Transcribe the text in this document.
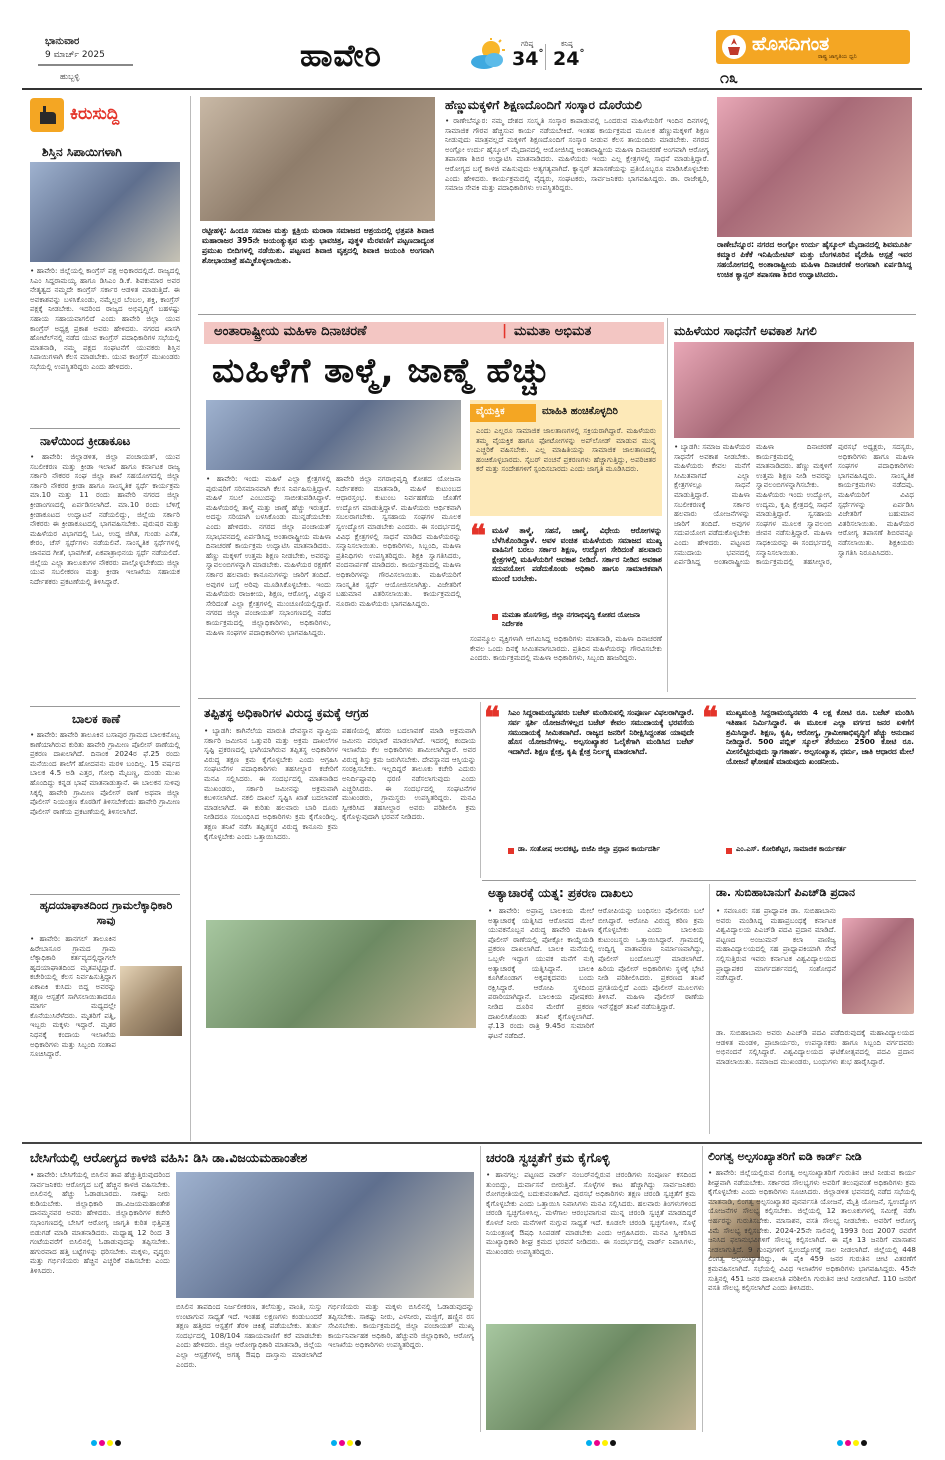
ಭಾನುವಾರ
9 ಮಾರ್ಚ್ 2025
ಹುಬ್ಬಳ್ಳಿ
ಹಾವೇರಿ	ಗರಿಷ್ಠ
34°
ಕನಿಷ್ಠ
24°	ಹೊಸದಿಗಂತ
ರಾಷ್ಟ್ರ ಜಾಗೃತಿಯ ಧ್ವನಿ
೧೩
ಕಿರುಸುದ್ದಿ
ಶಿಸ್ತಿನ ಸಿಪಾಯಿಗಳಾಗಿ
• ಹಾವೇರಿ: ಜಿಲ್ಲೆಯಲ್ಲಿ ಕಾಂಗ್ರೆಸ್ ಪಕ್ಷ ಅಧಿಕಾರದಲ್ಲಿದೆ. ರಾಜ್ಯದಲ್ಲಿ ಸಿಎಂ ಸಿದ್ದರಾಮಯ್ಯ ಹಾಗೂ ಡಿಸಿಎಂ ಡಿ.ಕೆ. ಶಿವಕುಮಾರ ಅವರ ನೇತೃತ್ವದ ನಮ್ಮದೇ ಕಾಂಗ್ರೆಸ್ ಸರ್ಕಾರ ಆಡಳಿತ ಮಾಡುತ್ತಿದೆ. ಈ ಅವಕಾಶವನ್ನು ಬಳಸಿಕೊಂಡು, ನಮ್ಮೆಲ್ಲರ ಬೆಂಬಲ, ಶಕ್ತಿ, ಕಾಂಗ್ರೆಸ್ ಪಕ್ಷಕ್ಕೆ ನೀಡಬೇಕು. ಇದರಿಂದ ರಾಜ್ಯದ ಅಭಿವೃದ್ಧಿಗೆ ಬಹಳಷ್ಟು ಸಹಾಯ ಸಹಾಯವಾಗಲಿದೆ ಎಂದು ಹಾವೇರಿ ಜಿಲ್ಲಾ ಯುವ ಕಾಂಗ್ರೆಸ್ ಅಧ್ಯಕ್ಷ ಪ್ರಕಾಶ ಅವರು ಹೇಳಿದರು. ನಗರದ ಖಾಸಗಿ ಹೋಟೆಲ್‌ನಲ್ಲಿ ನಡೆದ ಯುವ ಕಾಂಗ್ರೆಸ್ ಪದಾಧಿಕಾರಿಗಳ ಸಭೆಯಲ್ಲಿ ಮಾತನಾಡಿ, ನಮ್ಮ ಪಕ್ಷದ ಸಂಘಟನೆಗೆ ಯುವಕರು ಶಿಸ್ತಿನ ಸಿಪಾಯಿಗಳಾಗಿ ಕೆಲಸ ಮಾಡಬೇಕು. ಯುವ ಕಾಂಗ್ರೆಸ್ ಮುಖಂಡರು ಸಭೆಯಲ್ಲಿ ಉಪಸ್ಥಿತರಿದ್ದರು ಎಂದು ಹೇಳಿದರು.
ನಾಳೆಯಿಂದ ಕ್ರೀಡಾಕೂಟ
• ಹಾವೇರಿ: ಜಿಲ್ಲಾಡಳಿತ, ಜಿಲ್ಲಾ ಪಂಚಾಯತ್, ಯುವ ಸಬಲೀಕರಣ ಮತ್ತು ಕ್ರೀಡಾ ಇಲಾಖೆ ಹಾಗೂ ಕರ್ನಾಟಕ ರಾಜ್ಯ ಸರ್ಕಾರಿ ನೌಕರರ ಸಂಘ ಜಿಲ್ಲಾ ಶಾಖೆ ಸಹಯೋಗದಲ್ಲಿ ಜಿಲ್ಲಾ ಸರ್ಕಾರಿ ನೌಕರರ ಕ್ರೀಡಾ ಹಾಗೂ ಸಾಂಸ್ಕೃತಿಕ ಸ್ಪರ್ಧೆ ಕಾರ್ಯಕ್ರಮ ಮಾ.10 ಮತ್ತು 11 ರಂದು ಹಾವೇರಿ ನಗರದ ಜಿಲ್ಲಾ ಕ್ರೀಡಾಂಗಣದಲ್ಲಿ ಏರ್ಪಡಿಸಲಾಗಿದೆ. ಮಾ.10 ರಂದು ಬೆಳಿಗ್ಗೆ ಕ್ರೀಡಾಕೂಟದ ಉದ್ಘಾಟನೆ ನಡೆಯಲಿದ್ದು, ಜಿಲ್ಲೆಯ ಸರ್ಕಾರಿ ನೌಕರರು ಈ ಕ್ರೀಡಾಕೂಟದಲ್ಲಿ ಭಾಗವಹಿಸಬೇಕು. ಪುರುಷರ ಮತ್ತು ಮಹಿಳೆಯರ ವಿಭಾಗದಲ್ಲಿ ಓಟ, ಉದ್ದ ಜಿಗಿತ, ಗುಂಡು ಎಸೆತ, ಕೇರಂ, ಚೆಸ್ ಸ್ಪರ್ಧೆಗಳು ನಡೆಯಲಿವೆ. ಸಾಂಸ್ಕೃತಿಕ ಸ್ಪರ್ಧೆಗಳಲ್ಲಿ ಜಾನಪದ ಗೀತೆ, ಭಾವಗೀತೆ, ಏಕಪಾತ್ರಾಭಿನಯ ಸ್ಪರ್ಧೆ ನಡೆಯಲಿದೆ. ಜಿಲ್ಲೆಯ ಎಲ್ಲಾ ತಾಲೂಕುಗಳ ನೌಕರರು ಪಾಲ್ಗೊಳ್ಳಬೇಕೆಂದು ಜಿಲ್ಲಾ ಯುವ ಸಬಲೀಕರಣ ಮತ್ತು ಕ್ರೀಡಾ ಇಲಾಖೆಯ ಸಹಾಯಕ ನಿರ್ದೇಶಕರು ಪ್ರಕಟಣೆಯಲ್ಲಿ ತಿಳಿಸಿದ್ದಾರೆ.
ಬಾಲಕ ಕಾಣೆ
• ಹಾವೇರಿ: ಹಾವೇರಿ ತಾಲೂಕಿನ ಬಸಾಪುರ ಗ್ರಾಮದ ಬಾಲಕನೊಬ್ಬ ಕಾಣೆಯಾಗಿರುವ ಕುರಿತು ಹಾವೇರಿ ಗ್ರಾಮೀಣ ಪೊಲೀಸ್ ಠಾಣೆಯಲ್ಲಿ ಪ್ರಕರಣ ದಾಖಲಾಗಿದೆ. ದಿನಾಂಕ 2024ರ ಫೆ.25 ರಂದು ಮನೆಯಿಂದ ಶಾಲೆಗೆ ಹೋದವನು ಮರಳಿ ಬಂದಿಲ್ಲ. 15 ವರ್ಷದ ಬಾಲಕ 4.5 ಅಡಿ ಎತ್ತರ, ಗೋಧಿ ಮೈಬಣ್ಣ, ದುಂಡು ಮುಖ ಹೊಂದಿದ್ದು ಕನ್ನಡ ಭಾಷೆ ಮಾತನಾಡುತ್ತಾನೆ. ಈ ಬಾಲಕನ ಸುಳಿವು ಸಿಕ್ಕಲ್ಲಿ ಹಾವೇರಿ ಗ್ರಾಮೀಣ ಪೊಲೀಸ್ ಠಾಣೆ ಅಥವಾ ಜಿಲ್ಲಾ ಪೊಲೀಸ್ ನಿಯಂತ್ರಣ ಕೊಠಡಿಗೆ ತಿಳಿಸಬೇಕೆಂದು ಹಾವೇರಿ ಗ್ರಾಮೀಣ ಪೊಲೀಸ್ ಠಾಣೆಯ ಪ್ರಕಟಣೆಯಲ್ಲಿ ತಿಳಿಸಲಾಗಿದೆ.
ಹೃದಯಾಘಾತದಿಂದ ಗ್ರಾಮಲೆಕ್ಕಾಧಿಕಾರಿ ಸಾವು
• ಹಾವೇರಿ: ಹಾನಗಲ್ ತಾಲೂಕಿನ ಹಿರೇಬಾಸೂರ ಗ್ರಾಮದ ಗ್ರಾಮ ಲೆಕ್ಕಾಧಿಕಾರಿ ಕರ್ತವ್ಯದಲ್ಲಿದ್ದಾಗಲೇ ಹೃದಯಾಘಾತದಿಂದ ಮೃತಪಟ್ಟಿದ್ದಾರೆ. ಕಚೇರಿಯಲ್ಲಿ ಕೆಲಸ ನಿರ್ವಹಿಸುತ್ತಿದ್ದಾಗ ಏಕಾಏಕಿ ಕುಸಿದು ಬಿದ್ದ ಅವರನ್ನು ತಕ್ಷಣ ಆಸ್ಪತ್ರೆಗೆ ಸಾಗಿಸಲಾಯಿತಾದರೂ ಮಾರ್ಗ ಮಧ್ಯದಲ್ಲೇ ಕೊನೆಯುಸಿರೆಳೆದರು. ಮೃತರಿಗೆ ಪತ್ನಿ, ಇಬ್ಬರು ಮಕ್ಕಳು ಇದ್ದಾರೆ. ಮೃತರ ನಿಧನಕ್ಕೆ ಕಂದಾಯ ಇಲಾಖೆಯ ಅಧಿಕಾರಿಗಳು ಮತ್ತು ಸಿಬ್ಬಂದಿ ಸಂತಾಪ ಸೂಚಿಸಿದ್ದಾರೆ.
ರಟ್ಟೀಹಳ್ಳಿ: ಹಿಂದೂ ಸಮಾಜ ಮತ್ತು ಕ್ಷತ್ರಿಯ ಮರಾಠಾ ಸಮಾಜದ ಆಶ್ರಯದಲ್ಲಿ ಛತ್ರಪತಿ ಶಿವಾಜಿ ಮಹಾರಾಜರ 395ನೇ ಜಯಂತ್ಯುತ್ಸವ ಮತ್ತು ಭಾವಚಿತ್ರ, ಪುತ್ಥಳಿ ಮೆರವಣಿಗೆ ಪಟ್ಟಣದಾದ್ಯಂತ ಪ್ರಮುಖ ಬೀದಿಗಳಲ್ಲಿ ನಡೆಯಿತು. ಪಟ್ಟಣದ ಶಿವಾಜಿ ವೃತ್ತದಲ್ಲಿ ಶಿವಾಜಿ ಜಯಂತಿ ಅಂಗವಾಗಿ ಶೋಭಾಯಾತ್ರೆ ಹಮ್ಮಿಕೊಳ್ಳಲಾಯಿತು.
ಹೆಣ್ಣುಮಕ್ಕಳಿಗೆ ಶಿಕ್ಷಣದೊಂದಿಗೆ ಸಂಸ್ಕಾರ ದೊರೆಯಲಿ
• ರಾಣೇಬೆನ್ನೂರ: ನಮ್ಮ ದೇಶದ ಸಂಸ್ಕೃತಿ ಸಂಸ್ಕಾರ ಕಾಪಾಡುವಲ್ಲಿ ಒಂದರುವ ಮಹಿಳೆಯರಿಗೆ ಇಂದಿನ ದಿನಗಳಲ್ಲಿ ಸಾಮಾಜಿಕ ಗೌರವ ಹೆಚ್ಚಿಸುವ ಕಾರ್ಯ ನಡೆಯಬೇಕಿದೆ. ಇಂತಹ ಕಾರ್ಯಕ್ರಮದ ಮೂಲಕ ಹೆಣ್ಣುಮಕ್ಕಳಿಗೆ ಶಿಕ್ಷಣ ನೀಡುವುದು ಮಾತ್ರವಲ್ಲದೆ ಮಕ್ಕಳಿಗೆ ಶಿಕ್ಷಣದೊಂದಿಗೆ ಸಂಸ್ಕಾರ ನೀಡುವ ಕೆಲಸ ತಾಯಂದಿರು ಮಾಡಬೇಕು. ನಗರದ ಅಂಗ್ಲೋ ಉರ್ದು ಹೈಸ್ಕೂಲ್ ಮೈದಾನದಲ್ಲಿ ಆಯೋಜಿಸಿದ್ದ ಅಂತಾರಾಷ್ಟ್ರೀಯ ಮಹಿಳಾ ದಿನಾಚರಣೆ ಅಂಗವಾಗಿ ಆರೋಗ್ಯ ತಪಾಸಣಾ ಶಿಬಿರ ಉದ್ಘಾಟಿಸಿ ಮಾತನಾಡಿದರು. ಮಹಿಳೆಯರು ಇಂದು ಎಲ್ಲ ಕ್ಷೇತ್ರಗಳಲ್ಲಿ ಸಾಧನೆ ಮಾಡುತ್ತಿದ್ದಾರೆ. ಆರೋಗ್ಯದ ಬಗ್ಗೆ ಕಾಳಜಿ ವಹಿಸುವುದು ಅತ್ಯಗತ್ಯವಾಗಿದೆ. ಕ್ಯಾನ್ಸರ್ ತಪಾಸಣೆಯನ್ನು ಪ್ರತಿಯೊಬ್ಬರೂ ಮಾಡಿಸಿಕೊಳ್ಳಬೇಕು ಎಂದು ಹೇಳಿದರು. ಕಾರ್ಯಕ್ರಮದಲ್ಲಿ ವೈದ್ಯರು, ಸಂಘಟಕರು, ಸಾರ್ವಜನಿಕರು ಭಾಗವಹಿಸಿದ್ದರು. ಡಾ. ರಾಜೇಶ್ವರಿ, ಸಮಾಜ ಸೇವಕಿ ಮತ್ತು ಪದಾಧಿಕಾರಿಗಳು ಉಪಸ್ಥಿತರಿದ್ದರು.
ರಾಣೇಬೆನ್ನೂರ: ನಗರದ ಅಂಗ್ಲೋ ಉರ್ದು ಹೈಸ್ಕೂಲ್ ಮೈದಾನದಲ್ಲಿ ಶಿವಮೂರ್ತಿ ಕಮ್ಮಾರ ಪಿಕೆಕೆ ಇನಿಷಿಯೇಟಿವ್ ಮತ್ತು ಬೆಂಗಳೂರಿನ ವೈದೇಹಿ ಆಸ್ಪತ್ರೆ ಇವರ ಸಹಯೋಗದಲ್ಲಿ ಅಂತಾರಾಷ್ಟ್ರೀಯ ಮಹಿಳಾ ದಿನಾಚರಣೆ ಅಂಗವಾಗಿ ಏರ್ಪಡಿಸಿದ್ದ ಉಚಿತ ಕ್ಯಾನ್ಸರ್ ತಪಾಸಣಾ ಶಿಬಿರ ಉದ್ಘಾಟಿಸಿದರು.
ಅಂತಾರಾಷ್ಟ್ರೀಯ ಮಹಿಳಾ ದಿನಾಚರಣೆ	| ಮಮತಾ ಅಭಿಮತ
ಮಹಿಳೆಗೆ ತಾಳ್ಮೆ, ಜಾಣ್ಮೆ ಹೆಚ್ಚು
ವೈಯಕ್ತಿಕ	ಮಾಹಿತಿ ಹಂಚಿಕೊಳ್ಳದಿರಿ
ಎಂದು ಎಲ್ಲರೂ ಸಾಮಾಜಿಕ ಜಾಲತಾಣಗಳಲ್ಲಿ ಸಕ್ರಿಯರಾಗಿದ್ದಾರೆ. ಮಹಿಳೆಯರು ತಮ್ಮ ವೈಯಕ್ತಿಕ ಹಾಗೂ ಫೋಟೋಗಳನ್ನು ಅಪ್‌ಲೋಡ್ ಮಾಡುವ ಮುನ್ನ ಎಚ್ಚರಿಕೆ ವಹಿಸಬೇಕು. ಎಲ್ಲ ಮಾಹಿತಿಯನ್ನು ಸಾಮಾಜಿಕ ಜಾಲತಾಣದಲ್ಲಿ ಹಂಚಿಕೊಳ್ಳಬಾರದು. ಸೈಬರ್ ವಂಚನೆ ಪ್ರಕರಣಗಳು ಹೆಚ್ಚಾಗುತ್ತಿದ್ದು, ಅಪರಿಚಿತರ ಕರೆ ಮತ್ತು ಸಂದೇಶಗಳಿಗೆ ಸ್ಪಂದಿಸಬಾರದು ಎಂದು ಜಾಗೃತಿ ಮೂಡಿಸಿದರು.
• ಹಾವೇರಿ: ಇಂದು ಮಹಿಳೆ ಎಲ್ಲಾ ಕ್ಷೇತ್ರಗಳಲ್ಲಿ ಪುರುಷರಿಗೆ ಸರಿಸಮಾನವಾಗಿ ಕೆಲಸ ನಿರ್ವಹಿಸುತ್ತಿದ್ದಾಳೆ. ಮಹಿಳೆ ಸಬಲೆ ಎಂಬುದನ್ನು ಸಾಬೀತುಪಡಿಸಿದ್ದಾಳೆ. ಮಹಿಳೆಯರಲ್ಲಿ ತಾಳ್ಮೆ ಮತ್ತು ಜಾಣ್ಮೆ ಹೆಚ್ಚು ಇರುತ್ತದೆ. ಅದನ್ನು ಸರಿಯಾಗಿ ಬಳಸಿಕೊಂಡು ಮುನ್ನಡೆಯಬೇಕು ಎಂದು ಹೇಳಿದರು. ನಗರದ ಜಿಲ್ಲಾ ಪಂಚಾಯತ್ ಸಭಾಭವನದಲ್ಲಿ ಏರ್ಪಡಿಸಿದ್ದ ಅಂತಾರಾಷ್ಟ್ರೀಯ ಮಹಿಳಾ ದಿನಾಚರಣೆ ಕಾರ್ಯಕ್ರಮ ಉದ್ಘಾಟಿಸಿ ಮಾತನಾಡಿದರು. ಹೆಣ್ಣು ಮಕ್ಕಳಿಗೆ ಉತ್ತಮ ಶಿಕ್ಷಣ ನೀಡಬೇಕು, ಅವರನ್ನು ಸ್ವಾವಲಂಬಿಗಳನ್ನಾಗಿ ಮಾಡಬೇಕು. ಮಹಿಳೆಯರ ರಕ್ಷಣೆಗೆ ಸರ್ಕಾರ ಹಲವಾರು ಕಾನೂನುಗಳನ್ನು ಜಾರಿಗೆ ತಂದಿದೆ. ಅವುಗಳ ಬಗ್ಗೆ ಅರಿವು ಮೂಡಿಸಿಕೊಳ್ಳಬೇಕು. ಇಂದು ಮಹಿಳೆಯರು ರಾಜಕೀಯ, ಶಿಕ್ಷಣ, ಆರೋಗ್ಯ, ವಿಜ್ಞಾನ ಸೇರಿದಂತೆ ಎಲ್ಲಾ ಕ್ಷೇತ್ರಗಳಲ್ಲಿ ಮುಂಚೂಣಿಯಲ್ಲಿದ್ದಾರೆ. ನಗರದ ಜಿಲ್ಲಾ ಪಂಚಾಯತ್ ಸಭಾಂಗಣದಲ್ಲಿ ನಡೆದ ಕಾರ್ಯಕ್ರಮದಲ್ಲಿ ಜಿಲ್ಲಾಧಿಕಾರಿಗಳು, ಅಧಿಕಾರಿಗಳು, ಮಹಿಳಾ ಸಂಘಗಳ ಪದಾಧಿಕಾರಿಗಳು ಭಾಗವಹಿಸಿದ್ದರು.
ಹಾವೇರಿ ಜಿಲ್ಲಾ ನಗರಾಭಿವೃದ್ಧಿ ಕೋಶದ ಯೋಜನಾ ನಿರ್ದೇಶಕರು ಮಾತನಾಡಿ, ಮಹಿಳೆ ಕುಟುಂಬದ ಆಧಾರಸ್ತಂಭ. ಕುಟುಂಬ ನಿರ್ವಹಣೆಯ ಜೊತೆಗೆ ಉದ್ಯೋಗ ಮಾಡುತ್ತಿದ್ದಾಳೆ. ಮಹಿಳೆಯರು ಆರ್ಥಿಕವಾಗಿ ಸಬಲರಾಗಬೇಕು. ಸ್ವಸಹಾಯ ಸಂಘಗಳ ಮೂಲಕ ಸ್ವಉದ್ಯೋಗ ಮಾಡಬೇಕು ಎಂದರು. ಈ ಸಂದರ್ಭದಲ್ಲಿ ವಿವಿಧ ಕ್ಷೇತ್ರಗಳಲ್ಲಿ ಸಾಧನೆ ಮಾಡಿದ ಮಹಿಳೆಯರನ್ನು ಸನ್ಮಾನಿಸಲಾಯಿತು. ಅಧಿಕಾರಿಗಳು, ಸಿಬ್ಬಂದಿ, ಮಹಿಳಾ ಪ್ರತಿನಿಧಿಗಳು ಉಪಸ್ಥಿತರಿದ್ದರು. ಶಿಕ್ಷಕಿ ಸ್ವಾಗತಿಸಿದರು, ವಂದನಾರ್ಪಣೆ ಮಾಡಿದರು. ಕಾರ್ಯಕ್ರಮದಲ್ಲಿ ಮಹಿಳಾ ಅಧಿಕಾರಿಗಳನ್ನು ಗೌರವಿಸಲಾಯಿತು. ಮಹಿಳೆಯರಿಗೆ ಸಾಂಸ್ಕೃತಿಕ ಸ್ಪರ್ಧೆ ಆಯೋಜಿಸಲಾಗಿತ್ತು. ವಿಜೇತರಿಗೆ ಬಹುಮಾನ ವಿತರಿಸಲಾಯಿತು. ಕಾರ್ಯಕ್ರಮದಲ್ಲಿ ನೂರಾರು ಮಹಿಳೆಯರು ಭಾಗವಹಿಸಿದ್ದರು.
❝ ಮಹಿಳೆ ತಾಳ್ಮೆ, ಸಹನೆ, ಜಾಣ್ಮೆ, ವಿಧೇಯ ಆರೋಗಳನ್ನು ಬೆಳೆಸಿಕೊಂಡಿದ್ದಾಳೆ. ಅವಳ ವಂಚಿತ ಮಹಿಳೆಯರು ಸಮಾಜದ ಮುಖ್ಯ ವಾಹಿನಿಗೆ ಬರಲು ಸರ್ಕಾರ ಶಿಕ್ಷಣ, ಉದ್ಯೋಗ ಸೇರಿದಂತೆ ಹಲವಾರು ಕ್ಷೇತ್ರಗಳಲ್ಲಿ ಮಹಿಳೆಯರಿಗೆ ಅವಕಾಶ ನೀಡಿದೆ. ಸರ್ಕಾರ ನೀಡಿದ ಅವಕಾಶ ಸದುಪಯೋಗ ಪಡೆದುಕೊಂಡು ಅಧಿಕಾರಿ ಹಾಗೂ ಸಾಮಾಜಿಕವಾಗಿ ಮುಂದೆ ಬರಬೇಕು.
ಮಮತಾ ಹೊಸಗೌಡ್ರ, ಜಿಲ್ಲಾ ನಗರಾಭಿವೃದ್ಧಿ ಕೋಶದ ಯೋಜನಾ ನಿರ್ದೇಶಕಿ
ಸಂಪನ್ಮೂಲ ವ್ಯಕ್ತಿಗಳಾಗಿ ಆಗಮಿಸಿದ್ದ ಅಧಿಕಾರಿಗಳು ಮಾತನಾಡಿ, ಮಹಿಳಾ ದಿನಾಚರಣೆ ಕೇವಲ ಒಂದು ದಿನಕ್ಕೆ ಸೀಮಿತವಾಗಬಾರದು. ಪ್ರತಿದಿನ ಮಹಿಳೆಯರನ್ನು ಗೌರವಿಸಬೇಕು ಎಂದರು. ಕಾರ್ಯಕ್ರಮದಲ್ಲಿ ಮಹಿಳಾ ಅಧಿಕಾರಿಗಳು, ಸಿಬ್ಬಂದಿ ಹಾಜರಿದ್ದರು.
ಮಹಿಳೆಯರ ಸಾಧನೆಗೆ ಅವಕಾಶ ಸಿಗಲಿ
• ಬ್ಯಾಡಗಿ: ಸಮಾಜ ಮಹಿಳೆಯರ ಸಾಧನೆಗೆ ಅವಕಾಶ ನೀಡಬೇಕು. ಮಹಿಳೆಯರು ಕೇವಲ ಮನೆಗೆ ಸೀಮಿತವಾಗದೆ ಎಲ್ಲಾ ಕ್ಷೇತ್ರಗಳಲ್ಲೂ ಸಾಧನೆ ಮಾಡುತ್ತಿದ್ದಾರೆ. ಮಹಿಳಾ ಸಬಲೀಕರಣಕ್ಕೆ ಸರ್ಕಾರ ಹಲವಾರು ಯೋಜನೆಗಳನ್ನು ಜಾರಿಗೆ ತಂದಿದೆ. ಅವುಗಳ ಸದುಪಯೋಗ ಪಡೆದುಕೊಳ್ಳಬೇಕು ಎಂದು ಹೇಳಿದರು. ಪಟ್ಟಣದ ಸಮುದಾಯ ಭವನದಲ್ಲಿ ಏರ್ಪಡಿಸಿದ್ದ ಅಂತಾರಾಷ್ಟ್ರೀಯ ಮಹಿಳಾ ದಿನಾಚರಣೆ ಕಾರ್ಯಕ್ರಮದಲ್ಲಿ ಮಾತನಾಡಿದರು. ಹೆಣ್ಣು ಮಕ್ಕಳಿಗೆ ಉತ್ತಮ ಶಿಕ್ಷಣ ನೀಡಿ ಅವರನ್ನು ಸ್ವಾವಲಂಬಿಗಳನ್ನಾಗಿಸಬೇಕು. ಮಹಿಳೆಯರು ಇಂದು ಉದ್ಯೋಗ, ಉದ್ಯಮ, ಕೃಷಿ ಕ್ಷೇತ್ರದಲ್ಲಿ ಸಾಧನೆ ಮಾಡುತ್ತಿದ್ದಾರೆ. ಸ್ವಸಹಾಯ ಸಂಘಗಳ ಮೂಲಕ ಸ್ವಾವಲಂಬಿ ಜೀವನ ನಡೆಸುತ್ತಿದ್ದಾರೆ. ಮಹಿಳಾ ಸಾಧಕಿಯರನ್ನು ಈ ಸಂದರ್ಭದಲ್ಲಿ ಸನ್ಮಾನಿಸಲಾಯಿತು. ಕಾರ್ಯಕ್ರಮದಲ್ಲಿ ತಹಸೀಲ್ದಾರ, ಪುರಸಭೆ ಅಧ್ಯಕ್ಷರು, ಸದಸ್ಯರು, ಅಧಿಕಾರಿಗಳು ಹಾಗೂ ಮಹಿಳಾ ಸಂಘಗಳ ಪದಾಧಿಕಾರಿಗಳು ಭಾಗವಹಿಸಿದ್ದರು. ಸಾಂಸ್ಕೃತಿಕ ಕಾರ್ಯಕ್ರಮಗಳು ನಡೆದವು. ಮಹಿಳೆಯರಿಗೆ ವಿವಿಧ ಸ್ಪರ್ಧೆಗಳನ್ನು ಏರ್ಪಡಿಸಿ ವಿಜೇತರಿಗೆ ಬಹುಮಾನ ವಿತರಿಸಲಾಯಿತು. ಮಹಿಳೆಯರ ಆರೋಗ್ಯ ತಪಾಸಣೆ ಶಿಬಿರವನ್ನೂ ನಡೆಸಲಾಯಿತು. ಶಿಕ್ಷಕಿಯರು ಸ್ವಾಗತಿಸಿ ನಿರೂಪಿಸಿದರು.
ತಪ್ಪಿತಸ್ಥ ಅಧಿಕಾರಿಗಳ ವಿರುದ್ಧ ಕ್ರಮಕ್ಕೆ ಆಗ್ರಹ
• ಬ್ಯಾಡಗಿ: ಕಾಗಿನೆಲೆಯ ಮಾರುತಿ ದೇವಸ್ಥಾನ ವ್ಯಾಪ್ತಿಯ ಸರ್ಕಾರಿ ಜಮೀನಿನ ಒತ್ತುವರಿ ಮತ್ತು ಅಕ್ರಮ ದಾಖಲೆಗಳ ಸೃಷ್ಟಿ ಪ್ರಕರಣದಲ್ಲಿ ಭಾಗಿಯಾಗಿರುವ ತಪ್ಪಿತಸ್ಥ ಅಧಿಕಾರಿಗಳ ವಿರುದ್ಧ ತಕ್ಷಣ ಕ್ರಮ ಕೈಗೊಳ್ಳಬೇಕು ಎಂದು ಆಗ್ರಹಿಸಿ ಸಂಘಟನೆಗಳ ಪದಾಧಿಕಾರಿಗಳು ತಹಸೀಲ್ದಾರ ಕಚೇರಿಗೆ ಮನವಿ ಸಲ್ಲಿಸಿದರು. ಈ ಸಂದರ್ಭದಲ್ಲಿ ಮಾತನಾಡಿದ ಮುಖಂಡರು, ಸರ್ಕಾರಿ ಜಮೀನನ್ನು ಅಕ್ರಮವಾಗಿ ಕಬಳಿಸಲಾಗಿದೆ. ನಕಲಿ ದಾಖಲೆ ಸೃಷ್ಟಿಸಿ ಖಾತೆ ಬದಲಾವಣೆ ಮಾಡಲಾಗಿದೆ. ಈ ಕುರಿತು ಹಲವಾರು ಬಾರಿ ದೂರು ನೀಡಿದರೂ ಸಂಬಂಧಿಸಿದ ಅಧಿಕಾರಿಗಳು ಕ್ರಮ ಕೈಗೊಂಡಿಲ್ಲ. ತಕ್ಷಣ ತನಿಖೆ ನಡೆಸಿ ತಪ್ಪಿತಸ್ಥರ ವಿರುದ್ಧ ಕಾನೂನು ಕ್ರಮ ಕೈಗೊಳ್ಳಬೇಕು ಎಂದು ಒತ್ತಾಯಿಸಿದರು.
ಪಹಣಿಯಲ್ಲಿ ಹೆಸರು ಬದಲಾವಣೆ ಮಾಡಿ ಅಕ್ರಮವಾಗಿ ಜಮೀನು ಪರಭಾರೆ ಮಾಡಲಾಗಿದೆ. ಇದರಲ್ಲಿ ಕಂದಾಯ ಇಲಾಖೆಯ ಕೆಲ ಅಧಿಕಾರಿಗಳು ಶಾಮೀಲಾಗಿದ್ದಾರೆ. ಅವರ ವಿರುದ್ಧ ಶಿಸ್ತು ಕ್ರಮ ಜರುಗಿಸಬೇಕು. ದೇವಸ್ಥಾನದ ಆಸ್ತಿಯನ್ನು ಸಂರಕ್ಷಿಸಬೇಕು. ಇಲ್ಲದಿದ್ದರೆ ತಾಲೂಕು ಕಚೇರಿ ಎದುರು ಅನಿರ್ದಿಷ್ಟಾವಧಿ ಧರಣಿ ನಡೆಸಲಾಗುವುದು ಎಂದು ಎಚ್ಚರಿಸಿದರು. ಈ ಸಂದರ್ಭದಲ್ಲಿ ಸಂಘಟನೆಗಳ ಮುಖಂಡರು, ಗ್ರಾಮಸ್ಥರು ಉಪಸ್ಥಿತರಿದ್ದರು. ಮನವಿ ಸ್ವೀಕರಿಸಿದ ತಹಸೀಲ್ದಾರ ಅವರು ಪರಿಶೀಲಿಸಿ ಕ್ರಮ ಕೈಗೊಳ್ಳುವುದಾಗಿ ಭರವಸೆ ನೀಡಿದರು.
❝ ಸಿಎಂ ಸಿದ್ದರಾಮಯ್ಯನವರು ಬಜೆಟ್ ಮಂಡಿಸುವಲ್ಲಿ ಸಂಪೂರ್ಣ ವಿಫಲರಾಗಿದ್ದಾರೆ. ಸರ್ವ ಸ್ಪರ್ಶಿ ಯೋಜನೆಗಳಿಲ್ಲದ ಬಜೆಟ್ ಕೇವಲ ಸಮುದಾಯಕ್ಕೆ ಭರವಸೆಯ ಸಮುದಾಯಕ್ಕೆ ಸೀಮಿತವಾಗಿದೆ. ರಾಜ್ಯದ ಜನರಿಗೆ ನಿರೀಕ್ಷಿಸಿದ್ದಂತಹ ಯಾವುದೇ ಹೊಸ ಯೋಜನೆಗಳಿಲ್ಲ. ಅಲ್ಪಸಂಖ್ಯಾತರ ಓಲೈಕೆಗಾಗಿ ಮಂಡಿಸಿದ ಬಜೆಟ್ ಇದಾಗಿದೆ. ಶಿಕ್ಷಣ ಕ್ಷೇತ್ರ, ಕೃಷಿ ಕ್ಷೇತ್ರ ನಿರ್ಲಕ್ಷ್ಯ ಮಾಡಲಾಗಿದೆ.
ಡಾ. ಸಂತೋಷ ಆಲದಕಟ್ಟಿ, ಬಿಜೆಪಿ ಜಿಲ್ಲಾ ಪ್ರಧಾನ ಕಾರ್ಯದರ್ಶಿ
❝ ಮುಖ್ಯಮಂತ್ರಿ ಸಿದ್ದರಾಮಯ್ಯನವರು 4 ಲಕ್ಷ ಕೋಟಿ ರೂ. ಬಜೆಟ್ ಮಂಡಿಸಿ ಇತಿಹಾಸ ನಿರ್ಮಿಸಿದ್ದಾರೆ. ಈ ಮೂಲಕ ಎಲ್ಲಾ ವರ್ಗದ ಜನರ ಏಳಿಗೆಗೆ ಶ್ರಮಿಸಿದ್ದಾರೆ. ಶಿಕ್ಷಣ, ಕೃಷಿ, ಆರೋಗ್ಯ, ಗ್ರಾಮೀಣಾಭಿವೃದ್ಧಿಗೆ ಹೆಚ್ಚು ಅನುದಾನ ನೀಡಿದ್ದಾರೆ. 500 ಪಬ್ಲಿಕ್ ಸ್ಕೂಲ್ ತೆರೆಯಲು 2500 ಕೋಟಿ ರೂ. ಮೀಸಲಿಟ್ಟಿರುವುದು ಸ್ವಾಗತಾರ್ಹ. ಅಲ್ಪಸಂಖ್ಯಾತ, ಧರ್ಮ, ಜಾತಿ ಆಧಾರದ ಮೇಲೆ ಯೋಜನೆ ಘೋಷಣೆ ಮಾಡುವುದು ಖಂಡನೀಯ.
ಎಂ.ಎಸ್. ಕೋರಿಶೆಟ್ಟರ, ಸಾಮಾಜಿಕ ಕಾರ್ಯಕರ್ತ
ಅತ್ಯಾಚಾರಕ್ಕೆ ಯತ್ನ: ಪ್ರಕರಣ ದಾಖಲು
• ಹಾವೇರಿ: ಅಪ್ರಾಪ್ತ ಬಾಲಕಿಯ ಮೇಲೆ ಅತ್ಯಾಚಾರಕ್ಕೆ ಯತ್ನಿಸಿದ ಆರೋಪದ ಮೇಲೆ ಯುವಕನೊಬ್ಬನ ವಿರುದ್ಧ ಹಾವೇರಿ ಮಹಿಳಾ ಪೊಲೀಸ್ ಠಾಣೆಯಲ್ಲಿ ಪೋಕ್ಸೋ ಕಾಯ್ದೆಯಡಿ ಪ್ರಕರಣ ದಾಖಲಾಗಿದೆ. ಬಾಲಕಿ ಮನೆಯಲ್ಲಿ ಒಬ್ಬಳೇ ಇದ್ದಾಗ ಯುವಕ ಮನೆಗೆ ನುಗ್ಗಿ ಅತ್ಯಾಚಾರಕ್ಕೆ ಯತ್ನಿಸಿದ್ದಾನೆ. ಬಾಲಕಿ ಕೂಗಿಕೊಂಡಾಗ ಅಕ್ಕಪಕ್ಕದವರು ಬಂದು ರಕ್ಷಿಸಿದ್ದಾರೆ. ಆರೋಪಿ ಸ್ಥಳದಿಂದ ಪರಾರಿಯಾಗಿದ್ದಾನೆ. ಬಾಲಕಿಯ ಪೋಷಕರು ನೀಡಿದ ದೂರಿನ ಮೇರೆಗೆ ಪ್ರಕರಣ ದಾಖಲಿಸಿಕೊಂಡು ತನಿಖೆ ಕೈಗೊಳ್ಳಲಾಗಿದೆ. ಫೆ.13 ರಂದು ರಾತ್ರಿ 9.45ರ ಸುಮಾರಿಗೆ ಘಟನೆ ನಡೆದಿದೆ.
ಆರೋಪಿಯನ್ನು ಬಂಧಿಸಲು ಪೊಲೀಸರು ಬಲೆ ಬೀಸಿದ್ದಾರೆ. ಆರೋಪಿ ವಿರುದ್ಧ ಕಠಿಣ ಕ್ರಮ ಕೈಗೊಳ್ಳಬೇಕು ಎಂದು ಬಾಲಕಿಯ ಕುಟುಂಬಸ್ಥರು ಒತ್ತಾಯಿಸಿದ್ದಾರೆ. ಗ್ರಾಮದಲ್ಲಿ ಉದ್ವಿಗ್ನ ವಾತಾವರಣ ನಿರ್ಮಾಣವಾಗಿದ್ದು, ಪೊಲೀಸ್ ಬಂದೋಬಸ್ತ್ ಮಾಡಲಾಗಿದೆ. ಹಿರಿಯ ಪೊಲೀಸ್ ಅಧಿಕಾರಿಗಳು ಸ್ಥಳಕ್ಕೆ ಭೇಟಿ ನೀಡಿ ಪರಿಶೀಲಿಸಿದರು. ಪ್ರಕರಣದ ತನಿಖೆ ಪ್ರಗತಿಯಲ್ಲಿದೆ ಎಂದು ಪೊಲೀಸ್ ಮೂಲಗಳು ತಿಳಿಸಿವೆ. ಮಹಿಳಾ ಪೊಲೀಸ್ ಠಾಣೆಯ ಇನ್‌ಸ್ಪೆಕ್ಟರ್ ತನಿಖೆ ನಡೆಸುತ್ತಿದ್ದಾರೆ.
ಡಾ. ಸುಬಿಹಾಬಾನುಗೆ ಪಿಎಚ್‌ಡಿ ಪ್ರದಾನ
• ಸವಣೂರ: ಸಹ ಪ್ರಾಧ್ಯಾಪಕಿ ಡಾ. ಸುಬಿಹಾಬಾನು ಅವರು ಮಂಡಿಸಿದ್ದ ಮಹಾಪ್ರಬಂಧಕ್ಕೆ ಕರ್ನಾಟಕ ವಿಶ್ವವಿದ್ಯಾಲಯ ಪಿಎಚ್‌ಡಿ ಪದವಿ ಪ್ರದಾನ ಮಾಡಿದೆ. ಪಟ್ಟಣದ ಅಂಜುಮನ್ ಕಲಾ ವಾಣಿಜ್ಯ ಮಹಾವಿದ್ಯಾಲಯದಲ್ಲಿ ಸಹ ಪ್ರಾಧ್ಯಾಪಕಿಯಾಗಿ ಸೇವೆ ಸಲ್ಲಿಸುತ್ತಿರುವ ಇವರು ಕರ್ನಾಟಕ ವಿಶ್ವವಿದ್ಯಾಲಯದ ಪ್ರಾಧ್ಯಾಪಕರ ಮಾರ್ಗದರ್ಶನದಲ್ಲಿ ಸಂಶೋಧನೆ ನಡೆಸಿದ್ದಾರೆ.
ಡಾ. ಸುಬಿಹಾಬಾನು ಅವರು ಪಿಎಚ್‌ಡಿ ಪದವಿ ಪಡೆದಿರುವುದಕ್ಕೆ ಮಹಾವಿದ್ಯಾಲಯದ ಆಡಳಿತ ಮಂಡಳಿ, ಪ್ರಾಚಾರ್ಯರು, ಉಪನ್ಯಾಸಕರು ಹಾಗೂ ಸಿಬ್ಬಂದಿ ವರ್ಗದವರು ಅಭಿನಂದನೆ ಸಲ್ಲಿಸಿದ್ದಾರೆ. ವಿಶ್ವವಿದ್ಯಾಲಯದ ಘಟಿಕೋತ್ಸವದಲ್ಲಿ ಪದವಿ ಪ್ರದಾನ ಮಾಡಲಾಯಿತು. ಸಮಾಜದ ಮುಖಂಡರು, ಬಂಧುಗಳು ಶುಭ ಹಾರೈಸಿದ್ದಾರೆ.
ಬೇಸಿಗೆಯಲ್ಲಿ ಆರೋಗ್ಯದ ಕಾಳಜಿ ವಹಿಸಿ: ಡಿಸಿ ಡಾ.ವಿಜಯಮಹಾಂತೇಶ
• ಹಾವೇರಿ: ಬೇಸಿಗೆಯಲ್ಲಿ ಬಿಸಿಲಿನ ತಾಪ ಹೆಚ್ಚುತ್ತಿರುವುದರಿಂದ ಸಾರ್ವಜನಿಕರು ಆರೋಗ್ಯದ ಬಗ್ಗೆ ಹೆಚ್ಚಿನ ಕಾಳಜಿ ವಹಿಸಬೇಕು. ಬಿಸಿಲಿನಲ್ಲಿ ಹೆಚ್ಚು ಓಡಾಡಬಾರದು. ಸಾಕಷ್ಟು ನೀರು ಕುಡಿಯಬೇಕು. ಜಿಲ್ಲಾಧಿಕಾರಿ ಡಾ.ವಿಜಯಮಹಾಂತೇಶ ದಾನಮ್ಮನವರ ಅವರು ಹೇಳಿದರು. ಜಿಲ್ಲಾಧಿಕಾರಿಗಳ ಕಚೇರಿ ಸಭಾಂಗಣದಲ್ಲಿ ಬೇಸಿಗೆ ಆರೋಗ್ಯ ಜಾಗೃತಿ ಕುರಿತ ಭಿತ್ತಿಪತ್ರ ಬಿಡುಗಡೆ ಮಾಡಿ ಮಾತನಾಡಿದರು. ಮಧ್ಯಾಹ್ನ 12 ರಿಂದ 3 ಗಂಟೆಯವರೆಗೆ ಬಿಸಿಲಿನಲ್ಲಿ ಓಡಾಡುವುದನ್ನು ತಪ್ಪಿಸಬೇಕು. ಹಗುರವಾದ ಹತ್ತಿ ಬಟ್ಟೆಗಳನ್ನು ಧರಿಸಬೇಕು. ಮಕ್ಕಳು, ವೃದ್ಧರು ಮತ್ತು ಗರ್ಭಿಣಿಯರು ಹೆಚ್ಚಿನ ಎಚ್ಚರಿಕೆ ವಹಿಸಬೇಕು ಎಂದು ತಿಳಿಸಿದರು.
ಬಿಸಿಲಿನ ತಾಪದಿಂದ ನಿರ್ಜಲೀಕರಣ, ತಲೆಸುತ್ತು, ವಾಂತಿ, ಸುಸ್ತು ಉಂಟಾಗುವ ಸಾಧ್ಯತೆ ಇದೆ. ಇಂತಹ ಲಕ್ಷಣಗಳು ಕಂಡುಬಂದರೆ ತಕ್ಷಣ ಹತ್ತಿರದ ಆಸ್ಪತ್ರೆಗೆ ತೆರಳಿ ಚಿಕಿತ್ಸೆ ಪಡೆಯಬೇಕು. ತುರ್ತು ಸಂದರ್ಭದಲ್ಲಿ 108/104 ಸಹಾಯವಾಣಿಗೆ ಕರೆ ಮಾಡಬೇಕು ಎಂದು ಹೇಳಿದರು. ಜಿಲ್ಲಾ ಆರೋಗ್ಯಾಧಿಕಾರಿ ಮಾತನಾಡಿ, ಜಿಲ್ಲೆಯ ಎಲ್ಲಾ ಆಸ್ಪತ್ರೆಗಳಲ್ಲಿ ಅಗತ್ಯ ಔಷಧಿ ದಾಸ್ತಾನು ಮಾಡಲಾಗಿದೆ ಎಂದರು.
ಗರ್ಭಿಣಿಯರು ಮತ್ತು ಮಕ್ಕಳು ಬಿಸಿಲಿನಲ್ಲಿ ಓಡಾಡುವುದನ್ನು ತಪ್ಪಿಸಬೇಕು. ಸಾಕಷ್ಟು ನೀರು, ಎಳನೀರು, ಮಜ್ಜಿಗೆ, ಹಣ್ಣಿನ ರಸ ಸೇವಿಸಬೇಕು. ಕಾರ್ಯಕ್ರಮದಲ್ಲಿ ಜಿಲ್ಲಾ ಪಂಚಾಯತ್ ಮುಖ್ಯ ಕಾರ್ಯನಿರ್ವಾಹಕ ಅಧಿಕಾರಿ, ಹೆಚ್ಚುವರಿ ಜಿಲ್ಲಾಧಿಕಾರಿ, ಆರೋಗ್ಯ ಇಲಾಖೆಯ ಅಧಿಕಾರಿಗಳು ಉಪಸ್ಥಿತರಿದ್ದರು.
ಚರಂಡಿ ಸ್ವಚ್ಛತೆಗೆ ಕ್ರಮ ಕೈಗೊಳ್ಳಿ
• ಹಾನಗಲ್ಲ: ಪಟ್ಟಣದ ವಾರ್ಡ್ ನಂಬರ್‌ನಲ್ಲಿರುವ ಚರಂಡಿಗಳು ಸಂಪೂರ್ಣ ಕಸದಿಂದ ತುಂಬಿದ್ದು, ದುರ್ವಾಸನೆ ಬೀರುತ್ತಿವೆ. ಸೊಳ್ಳೆಗಳ ಕಾಟ ಹೆಚ್ಚಾಗಿದ್ದು ಸಾರ್ವಜನಿಕರು ರೋಗಭೀತಿಯಲ್ಲಿ ಬದುಕುವಂತಾಗಿದೆ. ಪುರಸಭೆ ಅಧಿಕಾರಿಗಳು ತಕ್ಷಣ ಚರಂಡಿ ಸ್ವಚ್ಛತೆಗೆ ಕ್ರಮ ಕೈಗೊಳ್ಳಬೇಕು ಎಂದು ಒತ್ತಾಯಿಸಿ ನಿವಾಸಿಗಳು ಮನವಿ ಸಲ್ಲಿಸಿದರು. ಹಲವಾರು ತಿಂಗಳುಗಳಿಂದ ಚರಂಡಿ ಸ್ವಚ್ಛಗೊಳಿಸಿಲ್ಲ. ಮಳೆಗಾಲ ಆರಂಭವಾಗುವ ಮುನ್ನ ಚರಂಡಿ ಸ್ವಚ್ಛತೆ ಮಾಡದಿದ್ದರೆ ಕೊಳಚೆ ನೀರು ಮನೆಗಳಿಗೆ ನುಗ್ಗುವ ಸಾಧ್ಯತೆ ಇದೆ. ಕೂಡಲೇ ಚರಂಡಿ ಸ್ವಚ್ಛಗೊಳಿಸಿ, ಸೊಳ್ಳೆ ನಿಯಂತ್ರಣಕ್ಕೆ ಔಷಧಿ ಸಿಂಪಡಣೆ ಮಾಡಬೇಕು ಎಂದು ಆಗ್ರಹಿಸಿದರು. ಮನವಿ ಸ್ವೀಕರಿಸಿದ ಮುಖ್ಯಾಧಿಕಾರಿ ಶೀಘ್ರ ಕ್ರಮದ ಭರವಸೆ ನೀಡಿದರು. ಈ ಸಂದರ್ಭದಲ್ಲಿ ವಾರ್ಡ್ ನಿವಾಸಿಗಳು, ಮುಖಂಡರು ಉಪಸ್ಥಿತರಿದ್ದರು.
ಲಿಂಗತ್ವ ಅಲ್ಪಸಂಖ್ಯಾತರಿಗೆ ಐಡಿ ಕಾರ್ಡ್ ನೀಡಿ
• ಹಾವೇರಿ: ಜಿಲ್ಲೆಯಲ್ಲಿರುವ ಲಿಂಗತ್ವ ಅಲ್ಪಸಂಖ್ಯಾತರಿಗೆ ಗುರುತಿನ ಚೀಟಿ ನೀಡುವ ಕಾರ್ಯ ಶೀಘ್ರವಾಗಿ ನಡೆಯಬೇಕು. ಸರ್ಕಾರದ ಸೌಲಭ್ಯಗಳು ಅವರಿಗೆ ತಲುಪುವಂತೆ ಅಧಿಕಾರಿಗಳು ಕ್ರಮ ಕೈಗೊಳ್ಳಬೇಕು ಎಂದು ಅಧಿಕಾರಿಗಳು ಸೂಚಿಸಿದರು. ಜಿಲ್ಲಾಡಳಿತ ಭವನದಲ್ಲಿ ನಡೆದ ಸಭೆಯಲ್ಲಿ ಮಾತನಾಡಿ, ಲಿಂಗತ್ವ ಅಲ್ಪಸಂಖ್ಯಾತರ ಪುನರ್ವಸತಿ ಯೋಜನೆ, ಮೈತ್ರಿ ಯೋಜನೆ, ಸ್ವಉದ್ಯೋಗ ಯೋಜನೆಗಳ ಸೌಲಭ್ಯ ಕಲ್ಪಿಸಬೇಕು. ಜಿಲ್ಲೆಯಲ್ಲಿ 12 ತಾಲೂಕುಗಳಲ್ಲಿ ಸಮೀಕ್ಷೆ ನಡೆಸಿ ಅರ್ಹರನ್ನು ಗುರುತಿಸಬೇಕು. ಮಾಸಾಶನ, ವಸತಿ ಸೌಲಭ್ಯ ನೀಡಬೇಕು. ಅವರಿಗೆ ಆರೋಗ್ಯ ವಿಮೆ ಸೌಲಭ್ಯ ಕಲ್ಪಿಸಬೇಕು. 2024-25ನೇ ಸಾಲಿನಲ್ಲಿ 1993 ರಿಂದ 2007 ರವರೆಗೆ ಜನಿಸಿದ ಫಲಾನುಭವಿಗಳಿಗೆ ಸೌಲಭ್ಯ ಕಲ್ಪಿಸಲಾಗಿದೆ. ಈ ಪೈಕಿ 13 ಜನರಿಗೆ ಮಾಸಾಶನ ನೀಡಲಾಗುತ್ತಿದೆ. 9 ಗುಂಪುಗಳಿಗೆ ಸ್ವಉದ್ಯೋಗಕ್ಕೆ ಸಾಲ ನೀಡಲಾಗಿದೆ. ಜಿಲ್ಲೆಯಲ್ಲಿ 448 ಲಿಂಗತ್ವ ಅಲ್ಪಸಂಖ್ಯಾತರಿದ್ದು, ಈ ಪೈಕಿ 459 ಜನರ ಗುರುತಿನ ಚೀಟಿ ವಿತರಣೆಗೆ ಕ್ರಮವಹಿಸಲಾಗಿದೆ. ಸಭೆಯಲ್ಲಿ ವಿವಿಧ ಇಲಾಖೆಗಳ ಅಧಿಕಾರಿಗಳು ಭಾಗವಹಿಸಿದ್ದರು. 45ನೇ ಸುತ್ತಿನಲ್ಲಿ 451 ಜನರ ದಾಖಲಾತಿ ಪರಿಶೀಲಿಸಿ ಗುರುತಿನ ಚೀಟಿ ನೀಡಲಾಗಿದೆ. 110 ಜನರಿಗೆ ವಸತಿ ಸೌಲಭ್ಯ ಕಲ್ಪಿಸಲಾಗಿದೆ ಎಂದು ತಿಳಿಸಿದರು.
